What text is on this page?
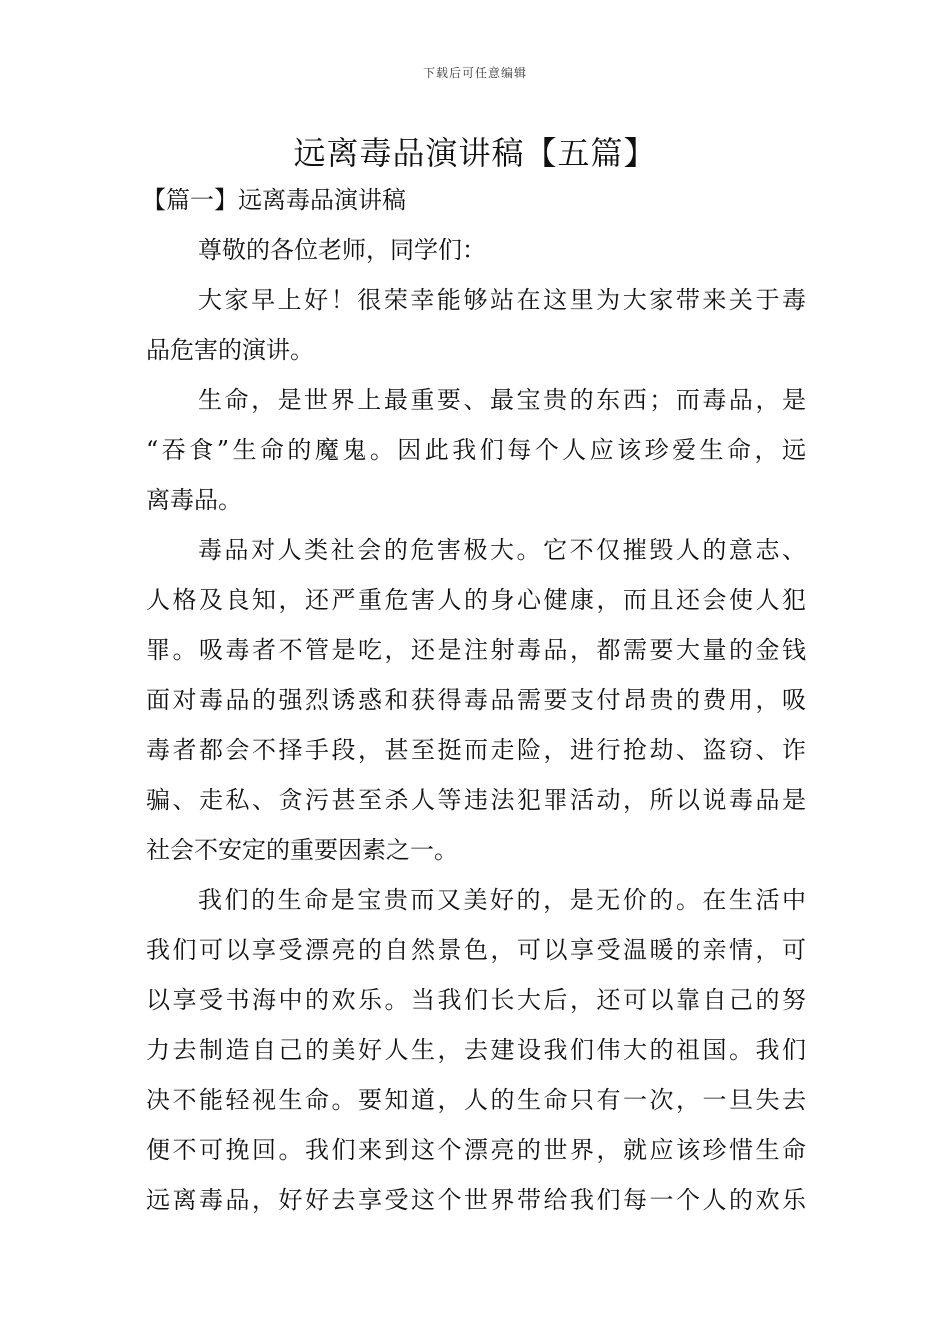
下载后可任意编辑
远离毒品演讲稿【五篇】
【篇一】远离毒品演讲稿
尊敬的各位老师，同学们：
大家早上好！很荣幸能够站在这里为大家带来关于毒
品危害的演讲。
生命，是世界上最重要、最宝贵的东西；而毒品，是
“吞食”生命的魔鬼。因此我们每个人应该珍爱生命，远
离毒品。
毒品对人类社会的危害极大。它不仅摧毁人的意志、
人格及良知，还严重危害人的身心健康，而且还会使人犯
罪。吸毒者不管是吃，还是注射毒品，都需要大量的金钱
面对毒品的强烈诱惑和获得毒品需要支付昂贵的费用，吸
毒者都会不择手段，甚至挺而走险，进行抢劫、盗窃、诈
骗、走私、贪污甚至杀人等违法犯罪活动，所以说毒品是
社会不安定的重要因素之一。
我们的生命是宝贵而又美好的，是无价的。在生活中
我们可以享受漂亮的自然景色，可以享受温暖的亲情，可
以享受书海中的欢乐。当我们长大后，还可以靠自己的努
力去制造自己的美好人生，去建设我们伟大的祖国。我们
决不能轻视生命。要知道，人的生命只有一次，一旦失去
便不可挽回。我们来到这个漂亮的世界，就应该珍惜生命
远离毒品，好好去享受这个世界带给我们每一个人的欢乐
